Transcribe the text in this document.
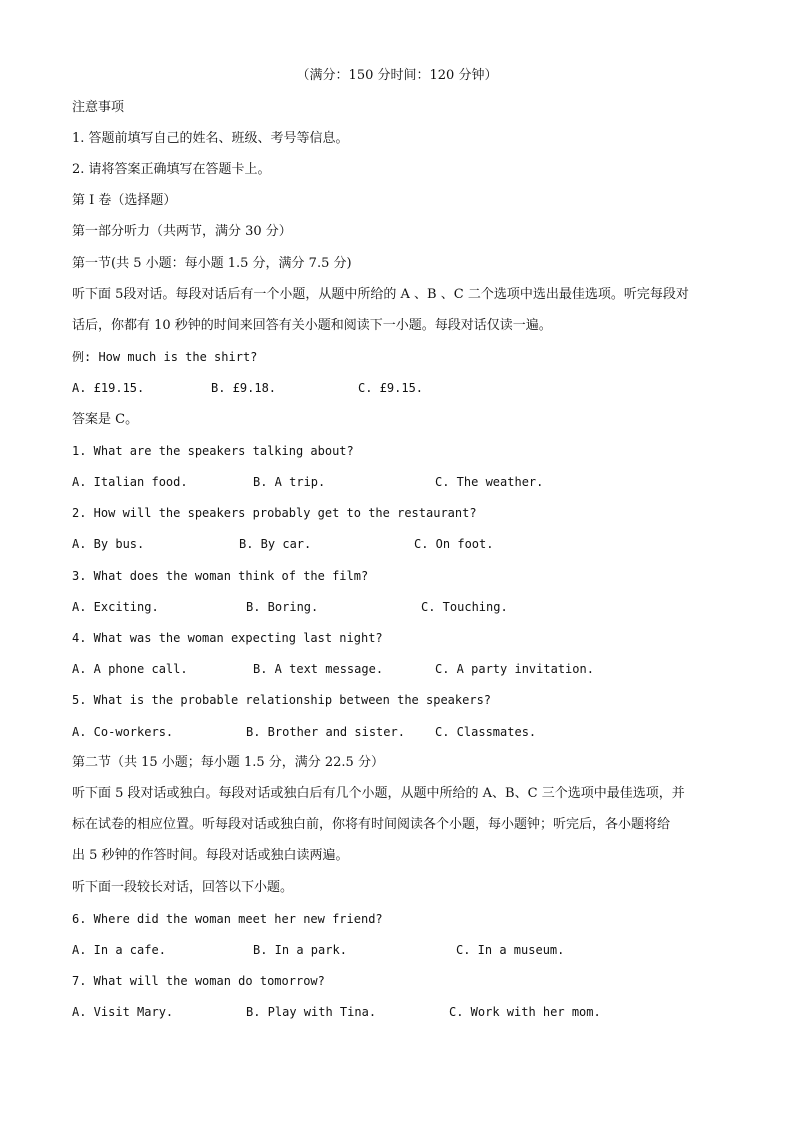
（满分：150 分时间：120 分钟）
注意事项
1. 答题前填写自己的姓名、班级、考号等信息。
2. 请将答案正确填写在答题卡上。
第 I 卷（选择题）
第一部分听力（共两节，满分 30 分）
第一节(共 5 小题：每小题 1.5 分，满分 7.5 分)
听下面 5段对话。每段对话后有一个小题，从题中所给的 A 、B 、C 二个选项中选出最佳选项。听完每段对
话后，你都有 10 秒钟的时间来回答有关小题和阅读下一小题。每段对话仅读一遍。
例: How much is the shirt?
A. £19.15.	B. £9.18.	C. £9.15.
答案是 C。
1. What are the speakers talking about?
A. Italian food.	B. A trip.	C. The weather.
2. How will the speakers probably get to the restaurant?
A. By bus.	B. By car.	C. On foot.
3. What does the woman think of the film?
A. Exciting.	B. Boring.	C. Touching.
4. What was the woman expecting last night?
A. A phone call.	B. A text message.	C. A party invitation.
5. What is the probable relationship between the speakers?
A. Co-workers.	B. Brother and sister.	C. Classmates.
第二节（共 15 小题；每小题 1.5 分，满分 22.5 分）
听下面 5 段对话或独白。每段对话或独白后有几个小题，从题中所给的 A、B、C 三个选项中最佳选项，并
标在试卷的相应位置。听每段对话或独白前，你将有时间阅读各个小题，每小题钟；听完后，各小题将给
出 5 秒钟的作答时间。每段对话或独白读两遍。
听下面一段较长对话，回答以下小题。
6. Where did the woman meet her new friend?
A. In a cafe.	B. In a park.	C. In a museum.
7. What will the woman do tomorrow?
A. Visit Mary.	B. Play with Tina.	C. Work with her mom.
